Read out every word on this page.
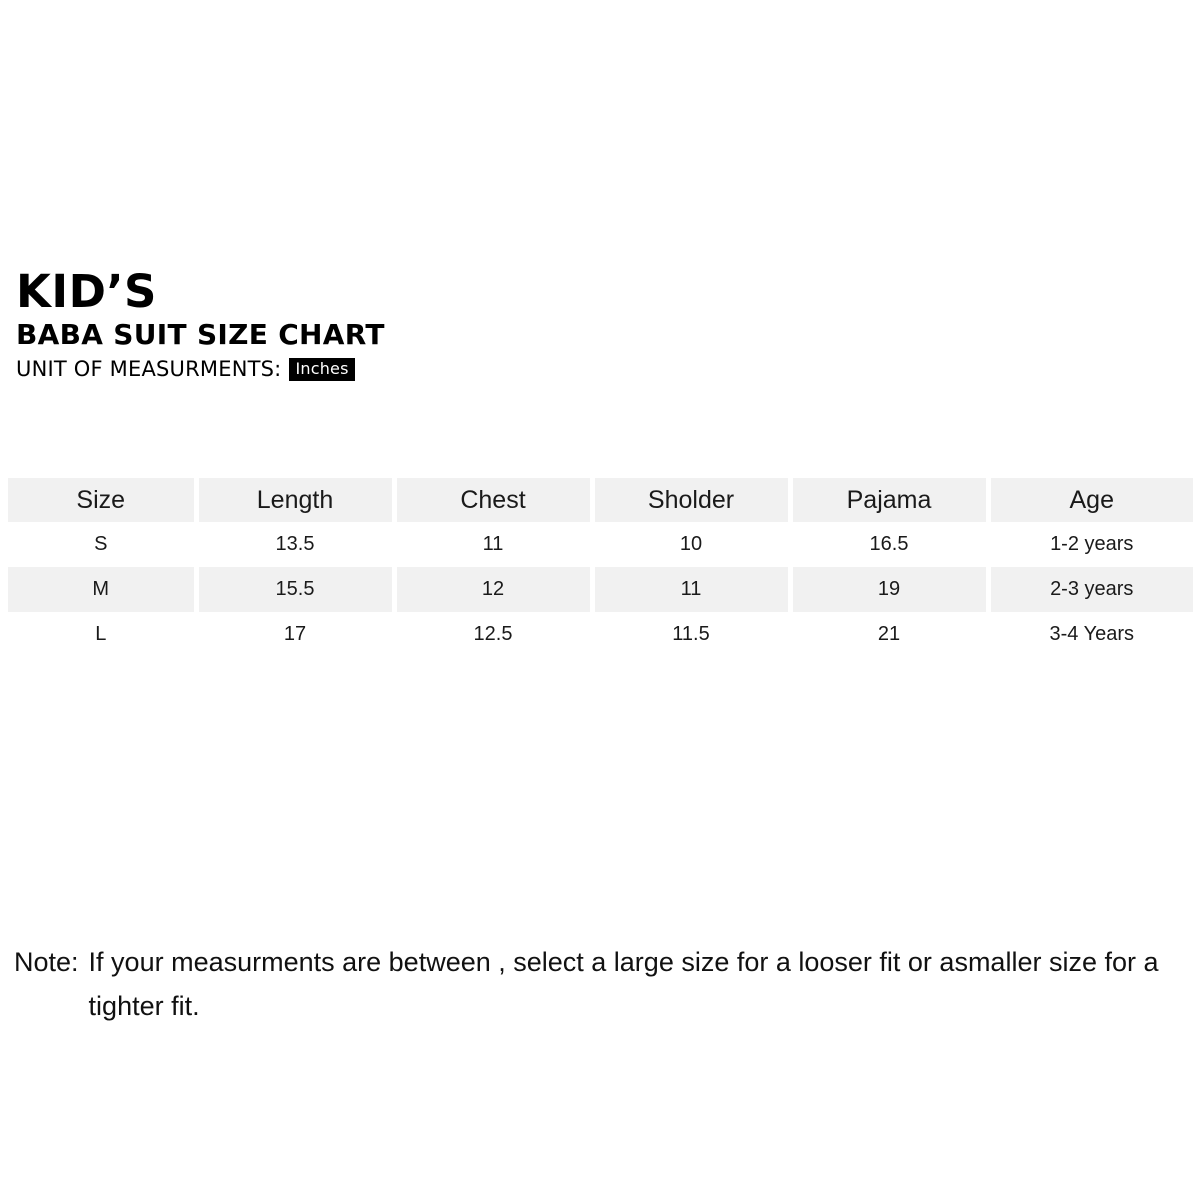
KID’S
BABA SUIT SIZE CHART
UNIT OF MEASURMENTS: Inches
Size	Length	Chest	Sholder	Pajama	Age
S	13.5	11	10	16.5	1-2 years
M	15.5	12	11	19	2-3 years
L	17	12.5	11.5	21	3-4 Years
Note: If your measurments are between , select a large size for a looser fit or asmaller size for a tighter fit.
